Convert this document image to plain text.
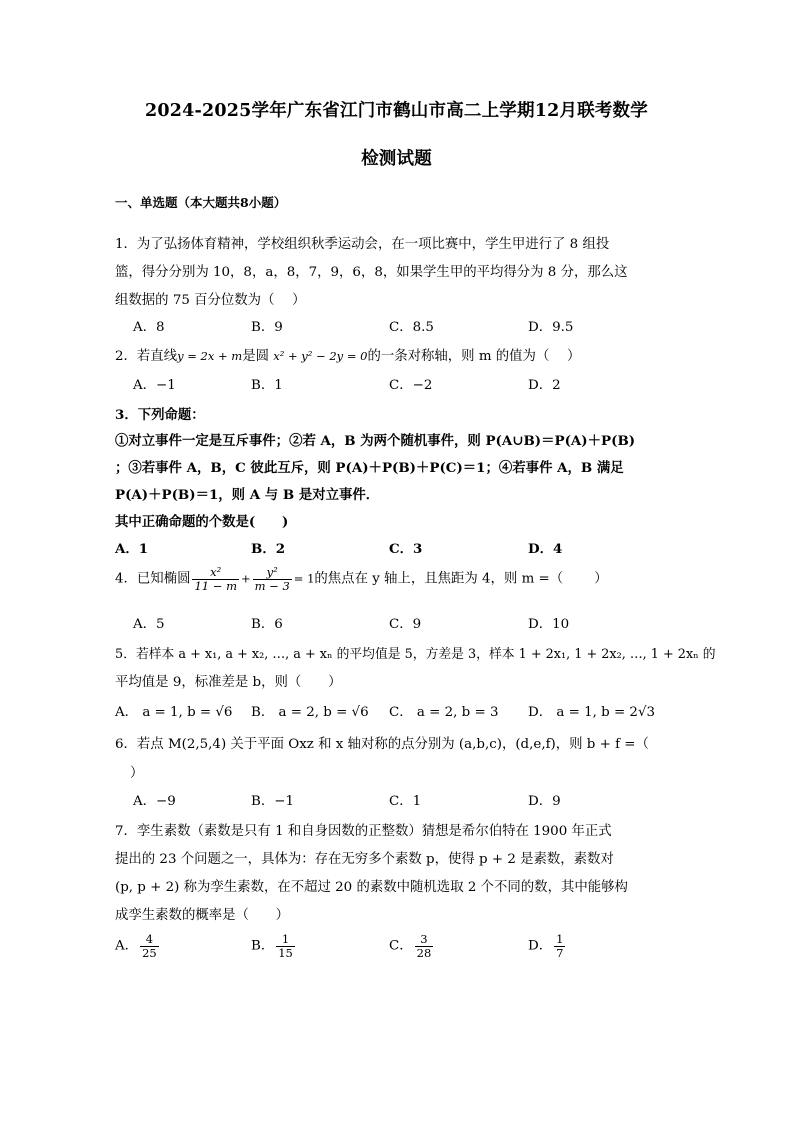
2024-2025学年广东省江门市鹤山市高二上学期12月联考数学
检测试题
一、单选题（本大题共8小题）
1．为了弘扬体育精神，学校组织秋季运动会，在一项比赛中，学生甲进行了 8 组投
篮，得分分别为 10，8，a，8，7，9，6，8，如果学生甲的平均得分为 8 分，那么这
组数据的 75 百分位数为（　 ）
A．8	B．9	C．8.5	D．9.5
2．若直线y = 2x + m是圆 x² + y² − 2y = 0的一条对称轴，则 m 的值为（　 ）
A．−1	B．1	C．−2	D．2
3．下列命题：
①对立事件一定是互斥事件；②若 A，B 为两个随机事件，则 P(A∪B)＝P(A)＋P(B)
；③若事件 A，B，C 彼此互斥，则 P(A)＋P(B)＋P(C)＝1；④若事件 A，B 满足
P(A)＋P(B)＝1，则 A 与 B 是对立事件．
其中正确命题的个数是(　　)
A．1	B．2	C．3	D．4
4．已知椭圆 $\frac{\text{x²}}{11 - m} + \frac{\text{y²}}{m - 3} = 1$的焦点在 y 轴上，且焦距为 4，则 m =（　　 ）
A．5	B．6	C．9	D．10
5．若样本 a + x₁, a + x₂, …, a + xₙ 的平均值是 5，方差是 3，样本 1 + 2x₁, 1 + 2x₂, …, 1 + 2xₙ 的
平均值是 9，标准差是 b，则（　　）
A． a = 1, b = √6 B． a = 2, b = √6 C． a = 2, b = 3 D． a = 1, b = 2√3
6．若点 M(2,5,4) 关于平面 Oxz 和 x 轴对称的点分别为 (a,b,c)，(d,e,f)，则 b + f =（
）
A．−9	B．−1	C．1	D．9
7．孪生素数（素数是只有 1 和自身因数的正整数）猜想是希尔伯特在 1900 年正式
提出的 23 个问题之一，具体为：存在无穷多个素数 p，使得 p + 2 是素数，素数对
(p, p + 2) 称为孪生素数，在不超过 20 的素数中随机选取 2 个不同的数，其中能够构
成孪生素数的概率是（　　）
A． $\frac{4}{25}$	B． $\frac{1}{15}$	C． $\frac{3}{28}$	D． $\frac{1}{7}$
